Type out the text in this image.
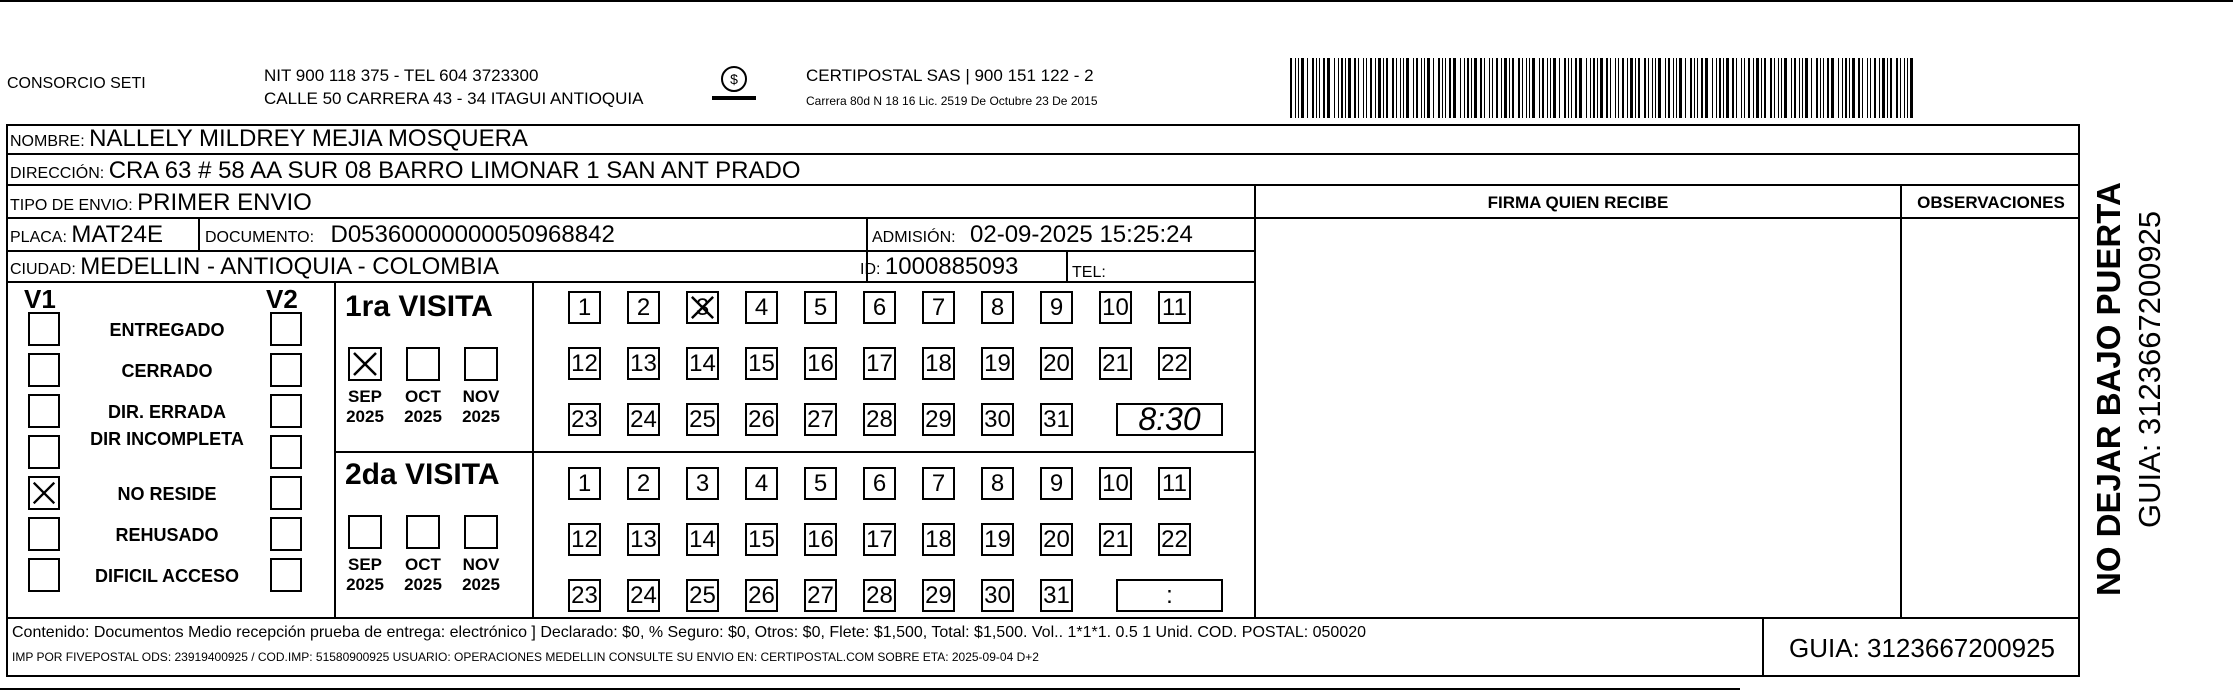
CONSORCIO SETI	NIT 900 118 375 - TEL 604 3723300
CALLE 50 CARRERA 43 - 34 ITAGUI ANTIOQUIA
$	CERTIPOSTAL SAS | 900 151 122 - 2
Carrera 80d N 18 16 Lic. 2519 De Octubre 23 De 2015
NOMBRE: NALLELY MILDREY MEJIA MOSQUERA
DIRECCIÓN: CRA 63 # 58 AA SUR 08 BARRO LIMONAR 1 SAN ANT PRADO
TIPO DE ENVIO: PRIMER ENVIO
PLACA: MAT24E	DOCUMENTO: D05360000000050968842	ADMISIÓN: 02-09-2025 15:25:24
CIUDAD: MEDELLIN - ANTIOQUIA - COLOMBIA	ID: 1000885093	TEL:
FIRMA QUIEN RECIBE	OBSERVACIONES
V1	V2
ENTREGADO
CERRADO
DIR. ERRADA
DIR INCOMPLETA
NO RESIDE
REHUSADO
DIFICIL ACCESO
1ra VISITA
SEP
2025
OCT
2025
NOV
2025
1	2	3	4	5	6	7	8	9	10 11
12 13 14 15 16 17 18 19 20 21 22
23 24 25 26 27 28 29 30 31	8:30
2da VISITA
SEP
2025
OCT
2025
NOV
2025
1	2	3	4	5	6	7	8	9	10 11
12 13 14 15 16 17 18 19 20 21 22
23 24 25 26 27 28 29 30 31	:
Contenido: Documentos Medio recepción prueba de entrega: electrónico ] Declarado: $0, % Seguro: $0, Otros: $0, Flete: $1,500, Total: $1,500. Vol.. 1*1*1. 0.5 1 Unid. COD. POSTAL: 050020
IMP POR FIVEPOSTAL ODS: 23919400925 / COD.IMP: 51580900925 USUARIO: OPERACIONES MEDELLIN CONSULTE SU ENVIO EN: CERTIPOSTAL.COM SOBRE ETA: 2025-09-04 D+2	GUIA: 3123667200925
NO DEJAR BAJO PUERTA GUIA: 3123667200925
